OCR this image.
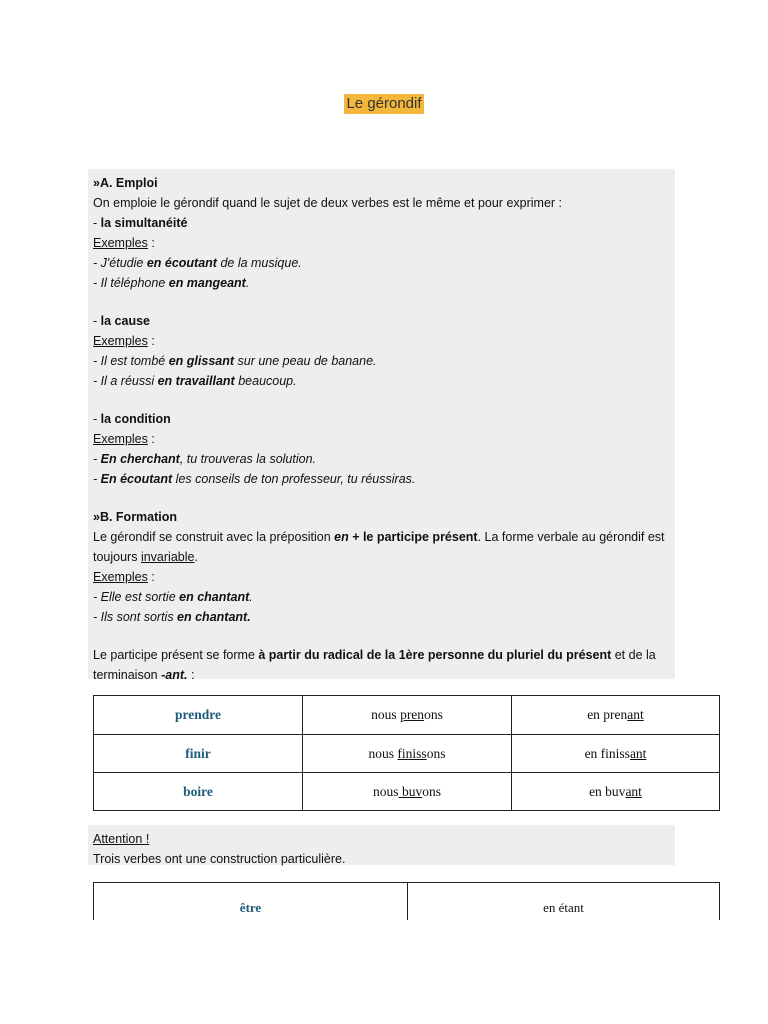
Le gérondif

»A. Emploi

On emploie le gérondif quand le sujet de deux verbes est le même et pour exprimer :

- la simultanéité

Exemples :

- J'étudie en écoutant de la musique.

- Il téléphone en mangeant.

- la cause

Exemples :

- Il est tombé en glissant sur une peau de banane.

- Il a réussi en travaillant beaucoup.

- la condition

Exemples :

- En cherchant, tu trouveras la solution.

- En écoutant les conseils de ton professeur, tu réussiras.

»B. Formation

Le gérondif se construit avec la préposition en + le participe présent. La forme verbale au gérondif est toujours invariable.

Exemples :

- Elle est sortie en chantant.

- Ils sont sortis en chantant.

Le participe présent se forme à partir du radical de la 1ère personne du pluriel du présent et de la terminaison -ant. :

prendre	nous prenons	en prenant
finir	nous finissons	en finissant
boire	nous buvons	en buvant

Attention !

Trois verbes ont une construction particulière.

être	en étant
